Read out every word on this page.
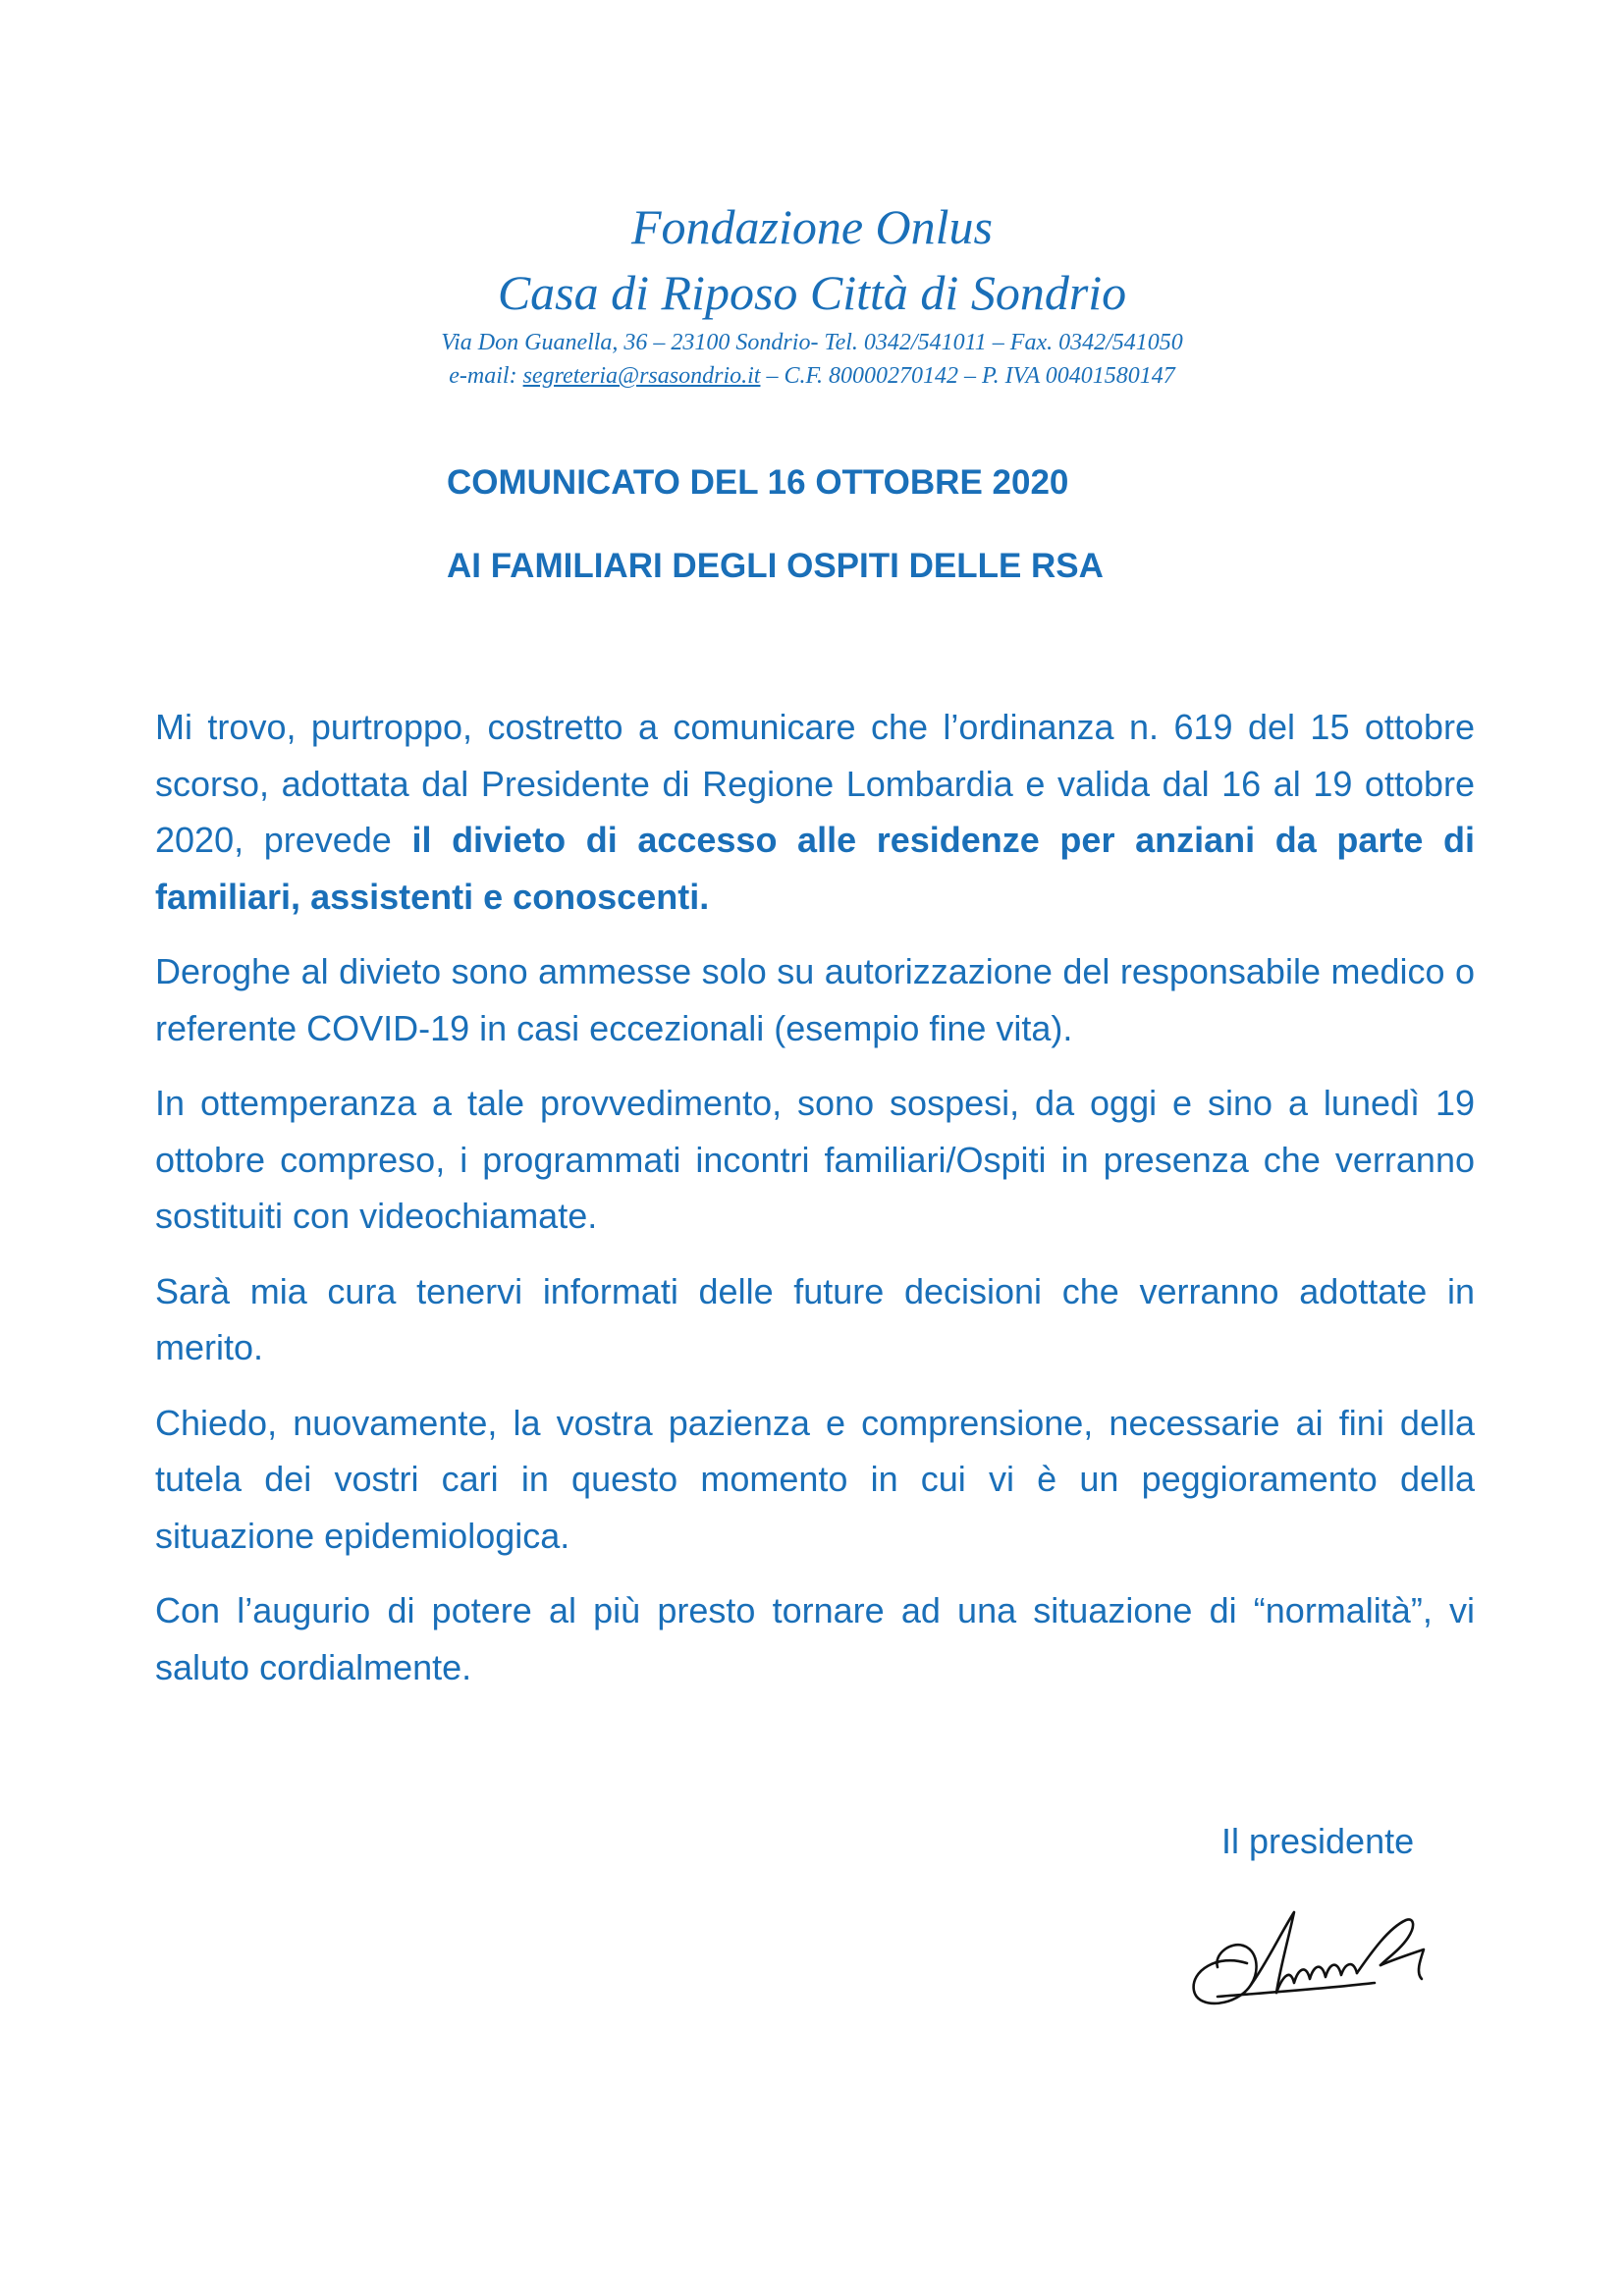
Fondazione Onlus
Casa di Riposo Città di Sondrio
Via Don Guanella, 36 – 23100 Sondrio- Tel. 0342/541011 – Fax. 0342/541050
e-mail: segreteria@rsasondrio.it – C.F. 80000270142 – P. IVA 00401580147
COMUNICATO DEL 16 OTTOBRE 2020
AI FAMILIARI DEGLI OSPITI DELLE RSA

Mi trovo, purtroppo, costretto a comunicare che l’ordinanza n. 619 del 15 ottobre scorso, adottata dal Presidente di Regione Lombardia e valida dal 16 al 19 ottobre 2020, prevede il divieto di accesso alle residenze per anziani da parte di familiari, assistenti e conoscenti.

Deroghe al divieto sono ammesse solo su autorizzazione del responsabile medico o referente COVID-19 in casi eccezionali (esempio fine vita).

In ottemperanza a tale provvedimento, sono sospesi, da oggi e sino a lunedì 19 ottobre compreso, i programmati incontri familiari/Ospiti in presenza che verranno sostituiti con videochiamate.

Sarà mia cura tenervi informati delle future decisioni che verranno adottate in merito.

Chiedo, nuovamente, la vostra pazienza e comprensione, necessarie ai fini della tutela dei vostri cari in questo momento in cui vi è un peggioramento della situazione epidemiologica.

Con l’augurio di potere al più presto tornare ad una situazione di “normalità”, vi saluto cordialmente.

Il presidente
